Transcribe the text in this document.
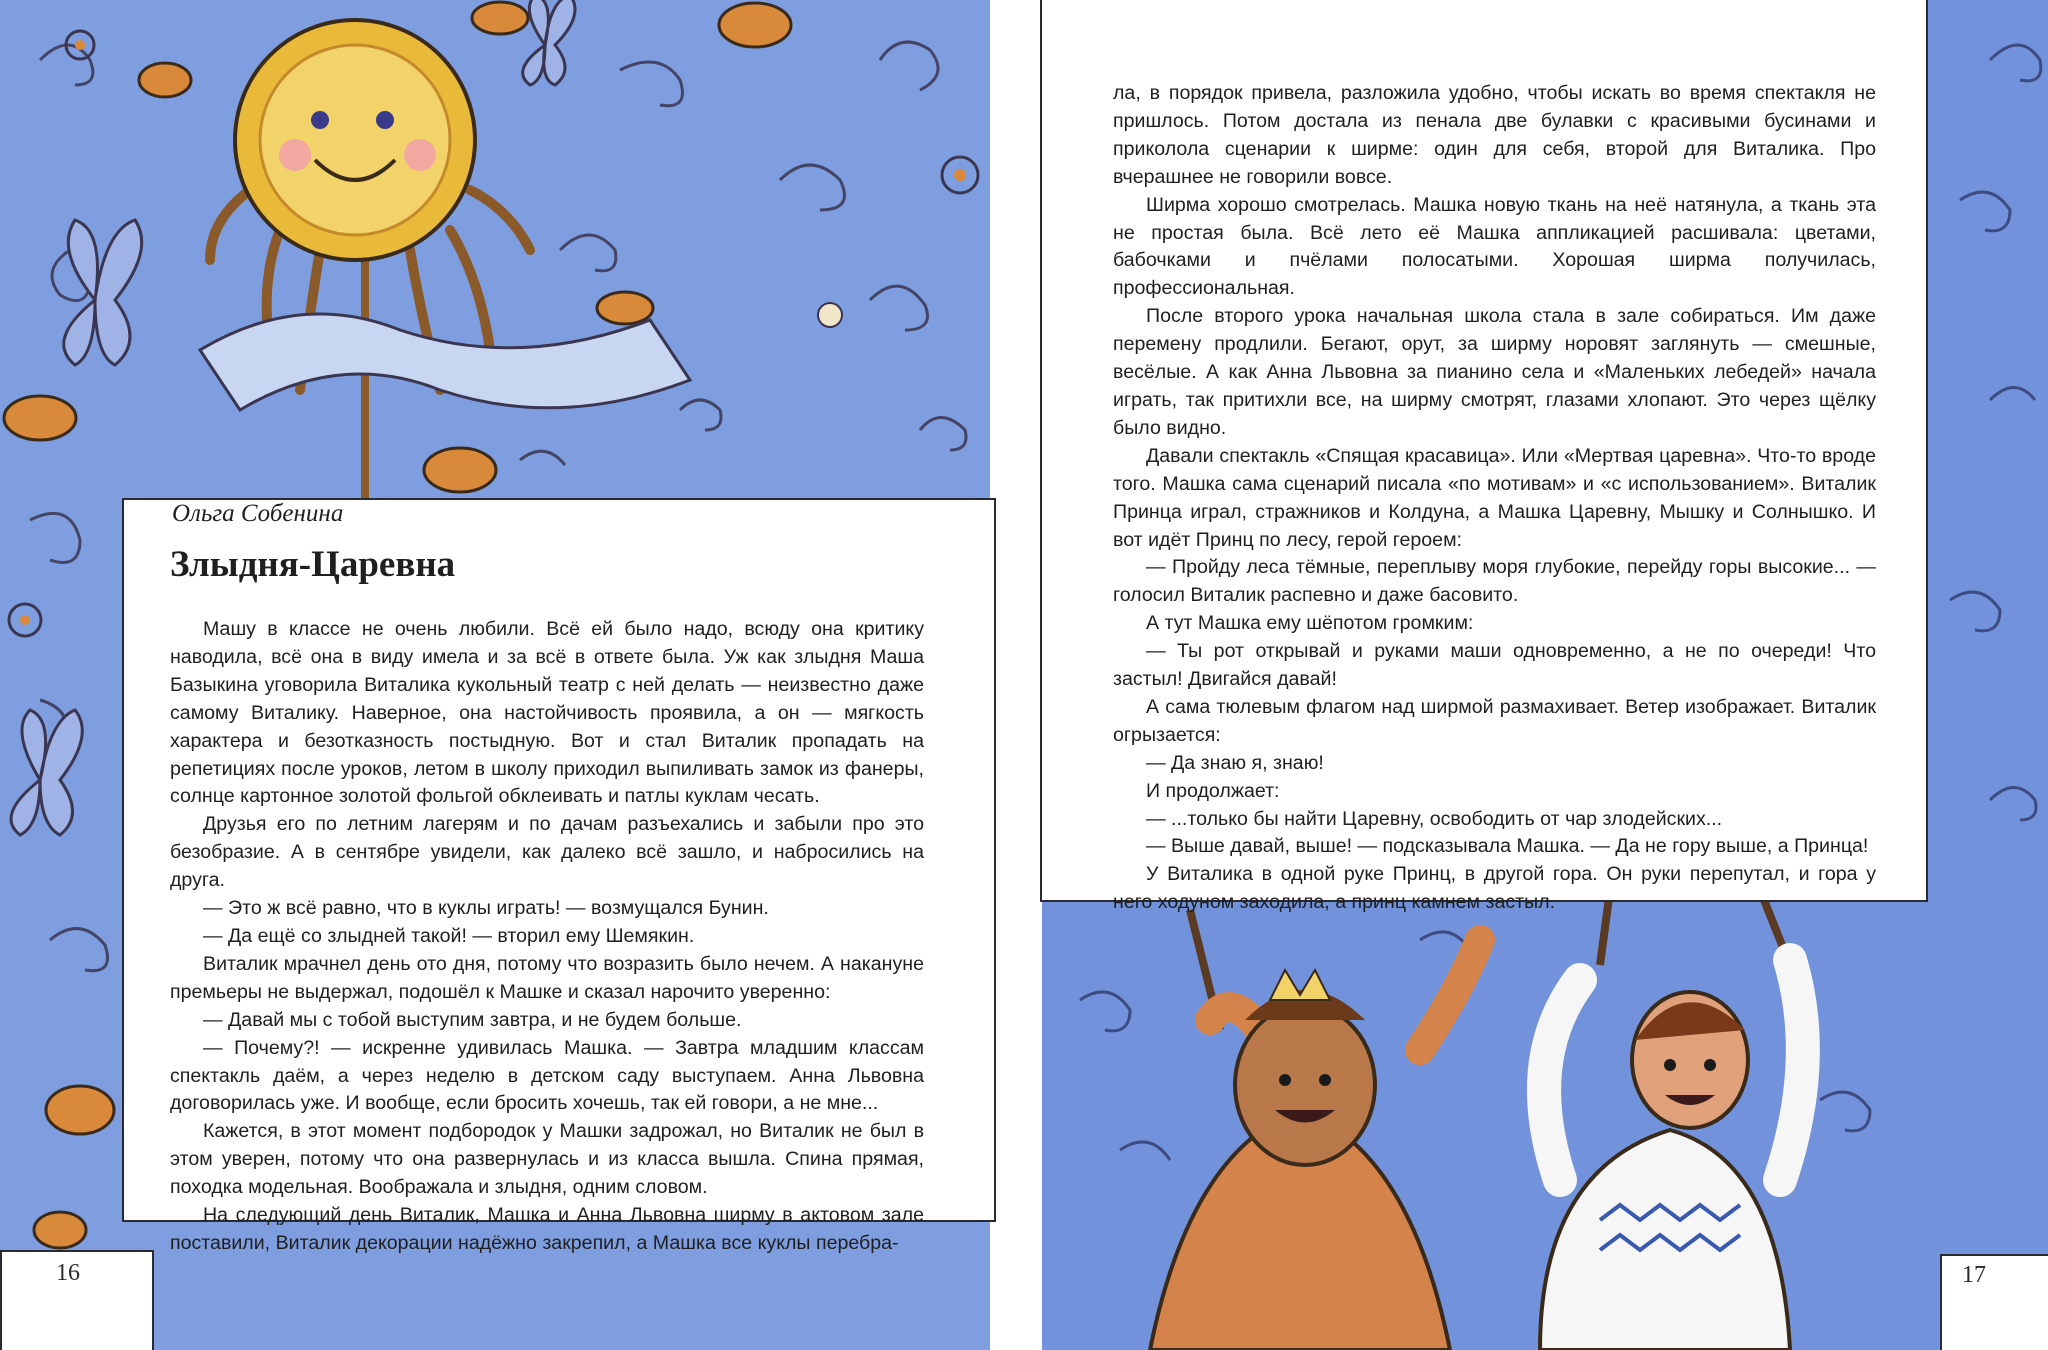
Ольга Собенина

Злыдня-Царевна

Машу в классе не очень любили. Всё ей было надо, всюду она критику наводила, всё она в виду имела и за всё в ответе была. Уж как злыдня Маша Базыкина уговорила Виталика кукольный театр с ней делать — неизвестно даже самому Виталику. Наверное, она настойчивость проявила, а он — мягкость характера и безотказность постыдную. Вот и стал Виталик пропадать на репетициях после уроков, летом в школу приходил выпиливать замок из фанеры, солнце картонное золотой фольгой обклеивать и патлы куклам чесать.

Друзья его по летним лагерям и по дачам разъехались и забыли про это безобразие. А в сентябре увидели, как далеко всё зашло, и набросились на друга.

— Это ж всё равно, что в куклы играть! — возмущался Бунин.

— Да ещё со злыдней такой! — вторил ему Шемякин.

Виталик мрачнел день ото дня, потому что возразить было нечем. А накануне премьеры не выдержал, подошёл к Машке и сказал нарочито уверенно:

— Давай мы с тобой выступим завтра, и не будем больше.

— Почему?! — искренне удивилась Машка. — Завтра младшим классам спектакль даём, а через неделю в детском саду выступаем. Анна Львовна договорилась уже. И вообще, если бросить хочешь, так ей говори, а не мне...

Кажется, в этот момент подбородок у Машки задрожал, но Виталик не был в этом уверен, потому что она развернулась и из класса вышла. Спина прямая, походка модельная. Воображала и злыдня, одним словом.

На следующий день Виталик, Машка и Анна Львовна ширму в актовом зале поставили, Виталик декорации надёжно закрепил, а Машка все куклы перебра-

ла, в порядок привела, разложила удобно, чтобы искать во время спектакля не пришлось. Потом достала из пенала две булавки с красивыми бусинами и приколола сценарии к ширме: один для себя, второй для Виталика. Про вчерашнее не говорили вовсе.

Ширма хорошо смотрелась. Машка новую ткань на неё натянула, а ткань эта не простая была. Всё лето её Машка аппликацией расшивала: цветами, бабочками и пчёлами полосатыми. Хорошая ширма получилась, профессиональная.

После второго урока начальная школа стала в зале собираться. Им даже перемену продлили. Бегают, орут, за ширму норовят заглянуть — смешные, весёлые. А как Анна Львовна за пианино села и «Маленьких лебедей» начала играть, так притихли все, на ширму смотрят, глазами хлопают. Это через щёлку было видно.

Давали спектакль «Спящая красавица». Или «Мертвая царевна». Что-то вроде того. Машка сама сценарий писала «по мотивам» и «с использованием». Виталик Принца играл, стражников и Колдуна, а Машка Царевну, Мышку и Солнышко. И вот идёт Принц по лесу, герой героем:

— Пройду леса тёмные, переплыву моря глубокие, перейду горы высокие... — голосил Виталик распевно и даже басовито.

А тут Машка ему шёпотом громким:

— Ты рот открывай и руками маши одновременно, а не по очереди! Что застыл! Двигайся давай!

А сама тюлевым флагом над ширмой размахивает. Ветер изображает. Виталик огрызается:

— Да знаю я, знаю!

И продолжает:

— ...только бы найти Царевну, освободить от чар злодейских...

— Выше давай, выше! — подсказывала Машка. — Да не гору выше, а Принца!

У Виталика в одной руке Принц, в другой гора. Он руки перепутал, и гора у него ходуном заходила, а принц камнем застыл.

16	17
